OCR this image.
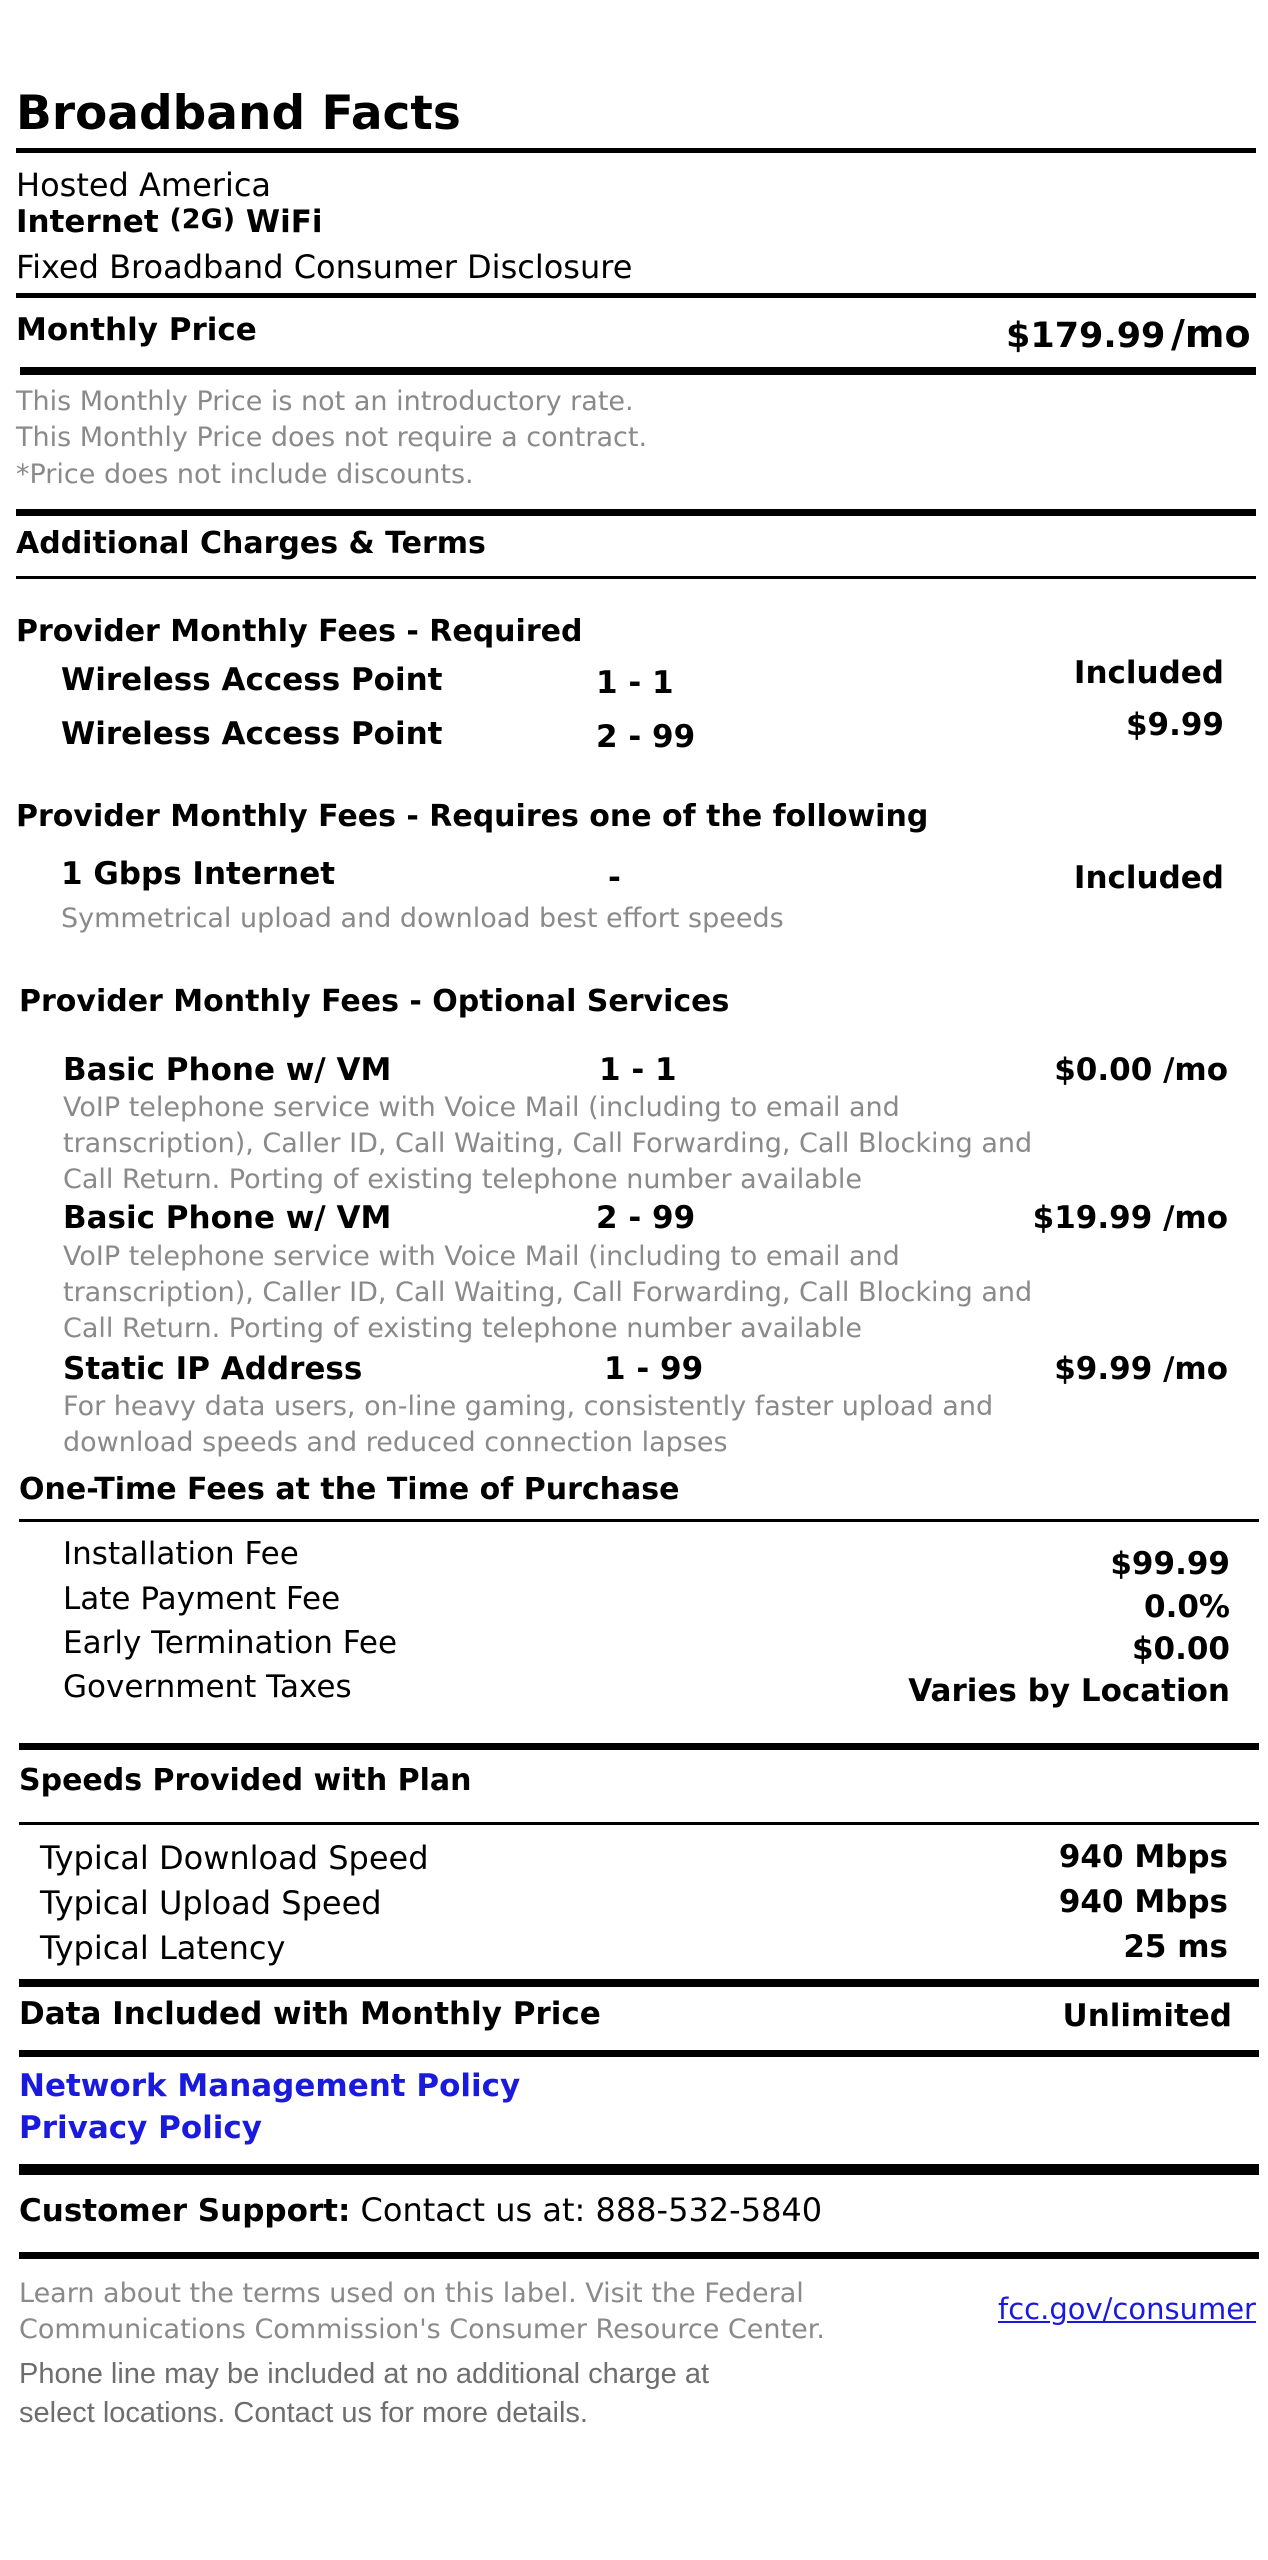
Broadband Facts
Hosted America
Internet (2G) WiFi
Fixed Broadband Consumer Disclosure
Monthly Price	$179.99 /mo
This Monthly Price is not an introductory rate.
This Monthly Price does not require a contract.
*Price does not include discounts.
Additional Charges & Terms
Provider Monthly Fees - Required
Wireless Access Point	1 - 1	Included
Wireless Access Point	2 - 99	$9.99
Provider Monthly Fees - Requires one of the following
1 Gbps Internet	-	Included
Symmetrical upload and download best effort speeds
Provider Monthly Fees - Optional Services
Basic Phone w/ VM	1 - 1	$0.00 /mo
VoIP telephone service with Voice Mail (including to email and
transcription), Caller ID, Call Waiting, Call Forwarding, Call Blocking and
Call Return. Porting of existing telephone number available
Basic Phone w/ VM	2 - 99	$19.99 /mo
VoIP telephone service with Voice Mail (including to email and
transcription), Caller ID, Call Waiting, Call Forwarding, Call Blocking and
Call Return. Porting of existing telephone number available
Static IP Address	1 - 99	$9.99 /mo
For heavy data users, on-line gaming, consistently faster upload and
download speeds and reduced connection lapses
One-Time Fees at the Time of Purchase
Installation Fee	$99.99
Late Payment Fee	0.0%
Early Termination Fee	$0.00
Government Taxes	Varies by Location
Speeds Provided with Plan
Typical Download Speed	940 Mbps
Typical Upload Speed	940 Mbps
Typical Latency	25 ms
Data Included with Monthly Price	Unlimited
Network Management Policy
Privacy Policy
Customer Support: Contact us at: 888-532-5840
Learn about the terms used on this label. Visit the Federal
Communications Commission's Consumer Resource Center.
fcc.gov/consumer
Phone line may be included at no additional charge at
select locations. Contact us for more details.
